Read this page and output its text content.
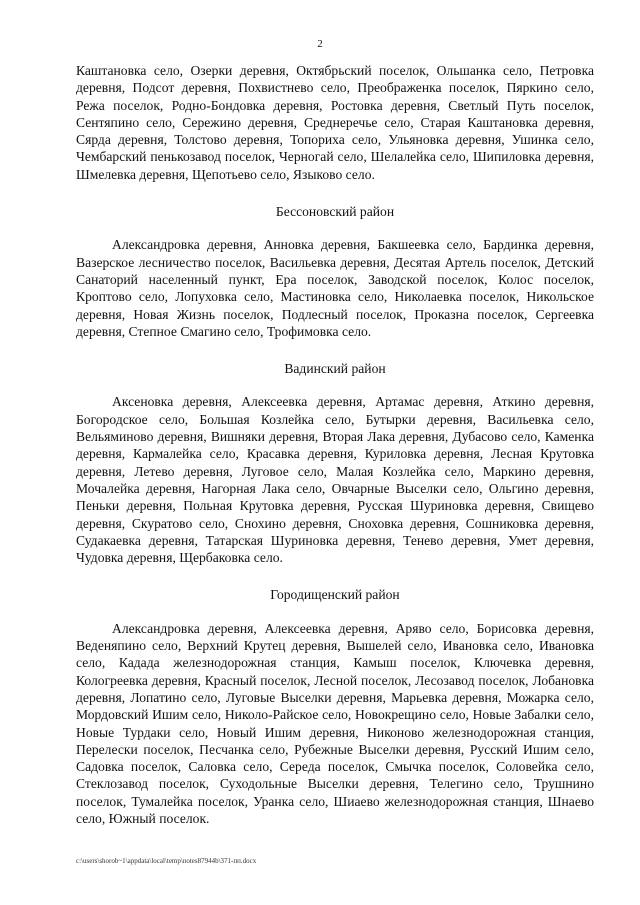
2

Каштановка село, Озерки деревня, Октябрьский поселок, Ольшанка село, Петровка деревня, Подсот деревня, Похвистнево село, Преображенка поселок, Пяркино село, Режа поселок, Родно-Бондовка деревня, Ростовка деревня, Светлый Путь поселок, Сентяпино село, Сережино деревня, Среднеречье село, Старая Каштановка деревня, Сярда деревня, Толстово деревня, Топориха село, Ульяновка деревня, Ушинка село, Чембарский пенькозавод поселок, Черногай село, Шелалейка село, Шипиловка деревня, Шмелевка деревня, Щепотьево село, Языково село.

Бессоновский район

Александровка деревня, Анновка деревня, Бакшеевка село, Бардинка деревня, Вазерское лесничество поселок, Васильевка деревня, Десятая Артель поселок, Детский Санаторий населенный пункт, Ера поселок, Заводской поселок, Колос поселок, Кроптово село, Лопуховка село, Мастиновка село, Николаевка поселок, Никольское деревня, Новая Жизнь поселок, Подлесный поселок, Проказна поселок, Сергеевка деревня, Степное Смагино село, Трофимовка село.

Вадинский район

Аксеновка деревня, Алексеевка деревня, Артамас деревня, Аткино деревня, Богородское село, Большая Козлейка село, Бутырки деревня, Васильевка село, Вельяминово деревня, Вишняки деревня, Вторая Лака деревня, Дубасово село, Каменка деревня, Кармалейка село, Красавка деревня, Куриловка деревня, Лесная Крутовка деревня, Летево деревня, Луговое село, Малая Козлейка село, Маркино деревня, Мочалейка деревня, Нагорная Лака село, Овчарные Выселки село, Ольгино деревня, Пеньки деревня, Польная Крутовка деревня, Русская Шуриновка деревня, Свищево деревня, Скуратово село, Снохино деревня, Сноховка деревня, Сошниковка деревня, Судакаевка деревня, Татарская Шуриновка деревня, Тенево деревня, Умет деревня, Чудовка деревня, Щербаковка село.

Городищенский район

Александровка деревня, Алексеевка деревня, Аряво село, Борисовка деревня, Веденяпино село, Верхний Крутец деревня, Вышелей село, Ивановка село, Ивановка село, Кадада железнодорожная станция, Камыш поселок, Ключевка деревня, Кологреевка деревня, Красный поселок, Лесной поселок, Лесозавод поселок, Лобановка деревня, Лопатино село, Луговые Выселки деревня, Марьевка деревня, Можарка село, Мордовский Ишим село, Николо-Райское село, Новокрещино село, Новые Забалки село, Новые Турдаки село, Новый Ишим деревня, Никоново железнодорожная станция, Перелески поселок, Песчанка село, Рубежные Выселки деревня, Русский Ишим село, Садовка поселок, Саловка село, Середа поселок, Смычка поселок, Соловейка село, Стеклозавод поселок, Суходольные Выселки деревня, Телегино село, Трушнино поселок, Тумалейка поселок, Уранка село, Шиаево железнодорожная станция, Шнаево село, Южный поселок.

c:\users\shorob~1\appdata\local\temp\notes87944b\371-пп.docx
